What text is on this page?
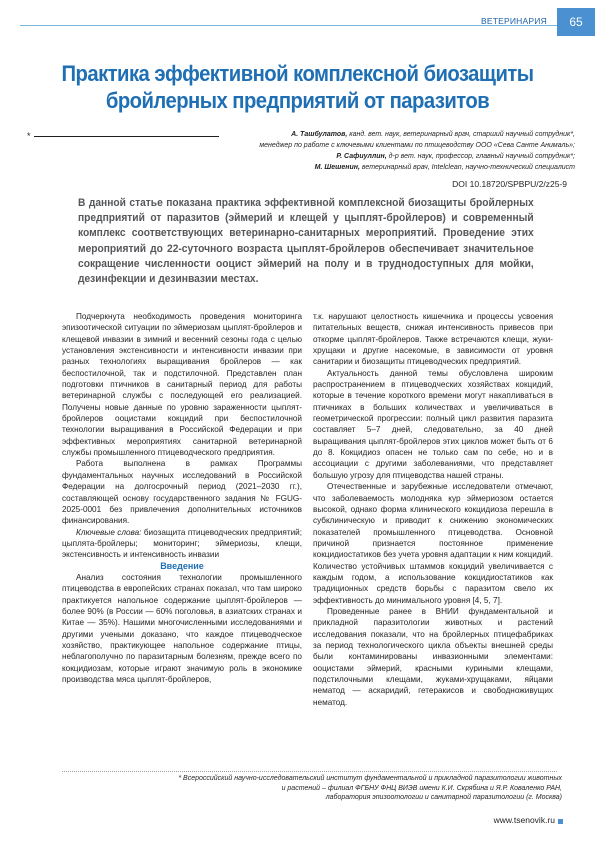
ВЕТЕРИНАРИЯ	65
Практика эффективной комплексной биозащиты
бройлерных предприятий от паразитов
*	А. Ташбулатов, канд. вет. наук, ветеринарный врач, старший научный сотрудник*,
менеджер по работе с ключевыми клиентами по птицеводству ООО «Сева Санте Анималь»;
Р. Сафиуллин, д-р вет. наук, профессор, главный научный сотрудник*;
М. Шешенин, ветеринарный врач, Intelclean, научно-технический специалист
DOI 10.18720/SPBPU/2/z25-9
В данной статье показана практика эффективной комплексной биозащиты бройлерных предприятий от паразитов (эймерий и клещей у цыплят-бройлеров) и современный комплекс соответствующих ветеринарно-санитарных мероприятий. Проведение этих мероприятий до 22-суточного возраста цыплят-бройлеров обеспечивает значительное сокращение численности ооцист эймерий на полу и в труднодоступных для мойки, дезинфекции и дезинвазии местах.

Подчеркнута необходимость проведения мониторинга эпизоотической ситуации по эймериозам цыплят-бройлеров и клещевой инвазии в зимний и весенний сезоны года с целью установления экстенсивности и интенсивности инвазии при разных технологиях выращивания бройлеров — как беспостилочной, так и подстилочной. Представлен план подготовки птичников в санитарный период для работы ветеринарной службы с последующей его реализацией. Получены новые данные по уровню зараженности цыплят-бройлеров ооцистами кокцидий при беспостилочной технологии выращивания в Российской Федерации и при эффективных мероприятиях санитарной ветеринарной службы промышленного птицеводческого предприятия.

Работа выполнена в рамках Программы фундаментальных научных исследований в Российской Федерации на долгосрочный период (2021–2030 гг.), составляющей основу государственного задания № FGUG-2025-0001 без привлечения дополнительных источников финансирования.

Ключевые слова: биозащита птицеводческих предприятий; цыплята-бройлеры; мониторинг; эймериозы, клещи, экстенсивность и интенсивность инвазии

Введение

Анализ состояния технологии промышленного птицеводства в европейских странах показал, что там широко практикуется напольное содержание цыплят-бройлеров — более 90% (в России — 60% поголовья, в азиатских странах и Китае — 35%). Нашими многочисленными исследованиями и другими учеными доказано, что каждое птицеводческое хозяйство, практикующее напольное содержание птицы, неблагополучно по паразитарным болезням, прежде всего по кокцидиозам, которые играют значимую роль в экономике производства мяса цыплят-бройлеров,

т.к. нарушают целостность кишечника и процессы усвоения питательных веществ, снижая интенсивность привесов при откорме цыплят-бройлеров. Также встречаются клещи, жуки-хрущаки и другие насекомые, в зависимости от уровня санитарии и биозащиты птицеводческих предприятий.

Актуальность данной темы обусловлена широким распространением в птицеводческих хозяйствах кокцидий, которые в течение короткого времени могут накапливаться в птичниках в больших количествах и увеличиваться в геометрической прогрессии: полный цикл развития паразита составляет 5–7 дней, следовательно, за 40 дней выращивания цыплят-бройлеров этих циклов может быть от 6 до 8. Кокцидиоз опасен не только сам по себе, но и в ассоциации с другими заболеваниями, что представляет большую угрозу для птицеводства нашей страны.

Отечественные и зарубежные исследователи отмечают, что заболеваемость молодняка кур эймериозом остается высокой, однако форма клинического кокцидиоза перешла в субклиническую и приводит к снижению экономических показателей промышленного птицеводства. Основной причиной признается постоянное применение кокцидиостатиков без учета уровня адаптации к ним кокцидий. Количество устойчивых штаммов кокцидий увеличивается с каждым годом, а использование кокцидиостатиков как традиционных средств борьбы с паразитом свело их эффективность до минимального уровня [4, 5, 7].

Проведенные ранее в ВНИИ фундаментальной и прикладной паразитологии животных и растений исследования показали, что на бройлерных птицефабриках за период технологического цикла объекты внешней среды были контаминированы инвазионными элементами: ооцистами эймерий, красными куриными клещами, подстилочными клещами, жуками-хрущаками, яйцами нематод — аскаридий, гетеракисов и свободноживущих нематод.

* Всероссийский научно-исследовательский институт фундаментальной и прикладной паразитологии животных
и растений – филиал ФГБНУ ФНЦ ВИЭВ имени К.И. Скрябина и Я.Р. Коваленко РАН,
лаборатория эпизоотологии и санитарной паразитологии (г. Москва)
www.tsenovik.ru
